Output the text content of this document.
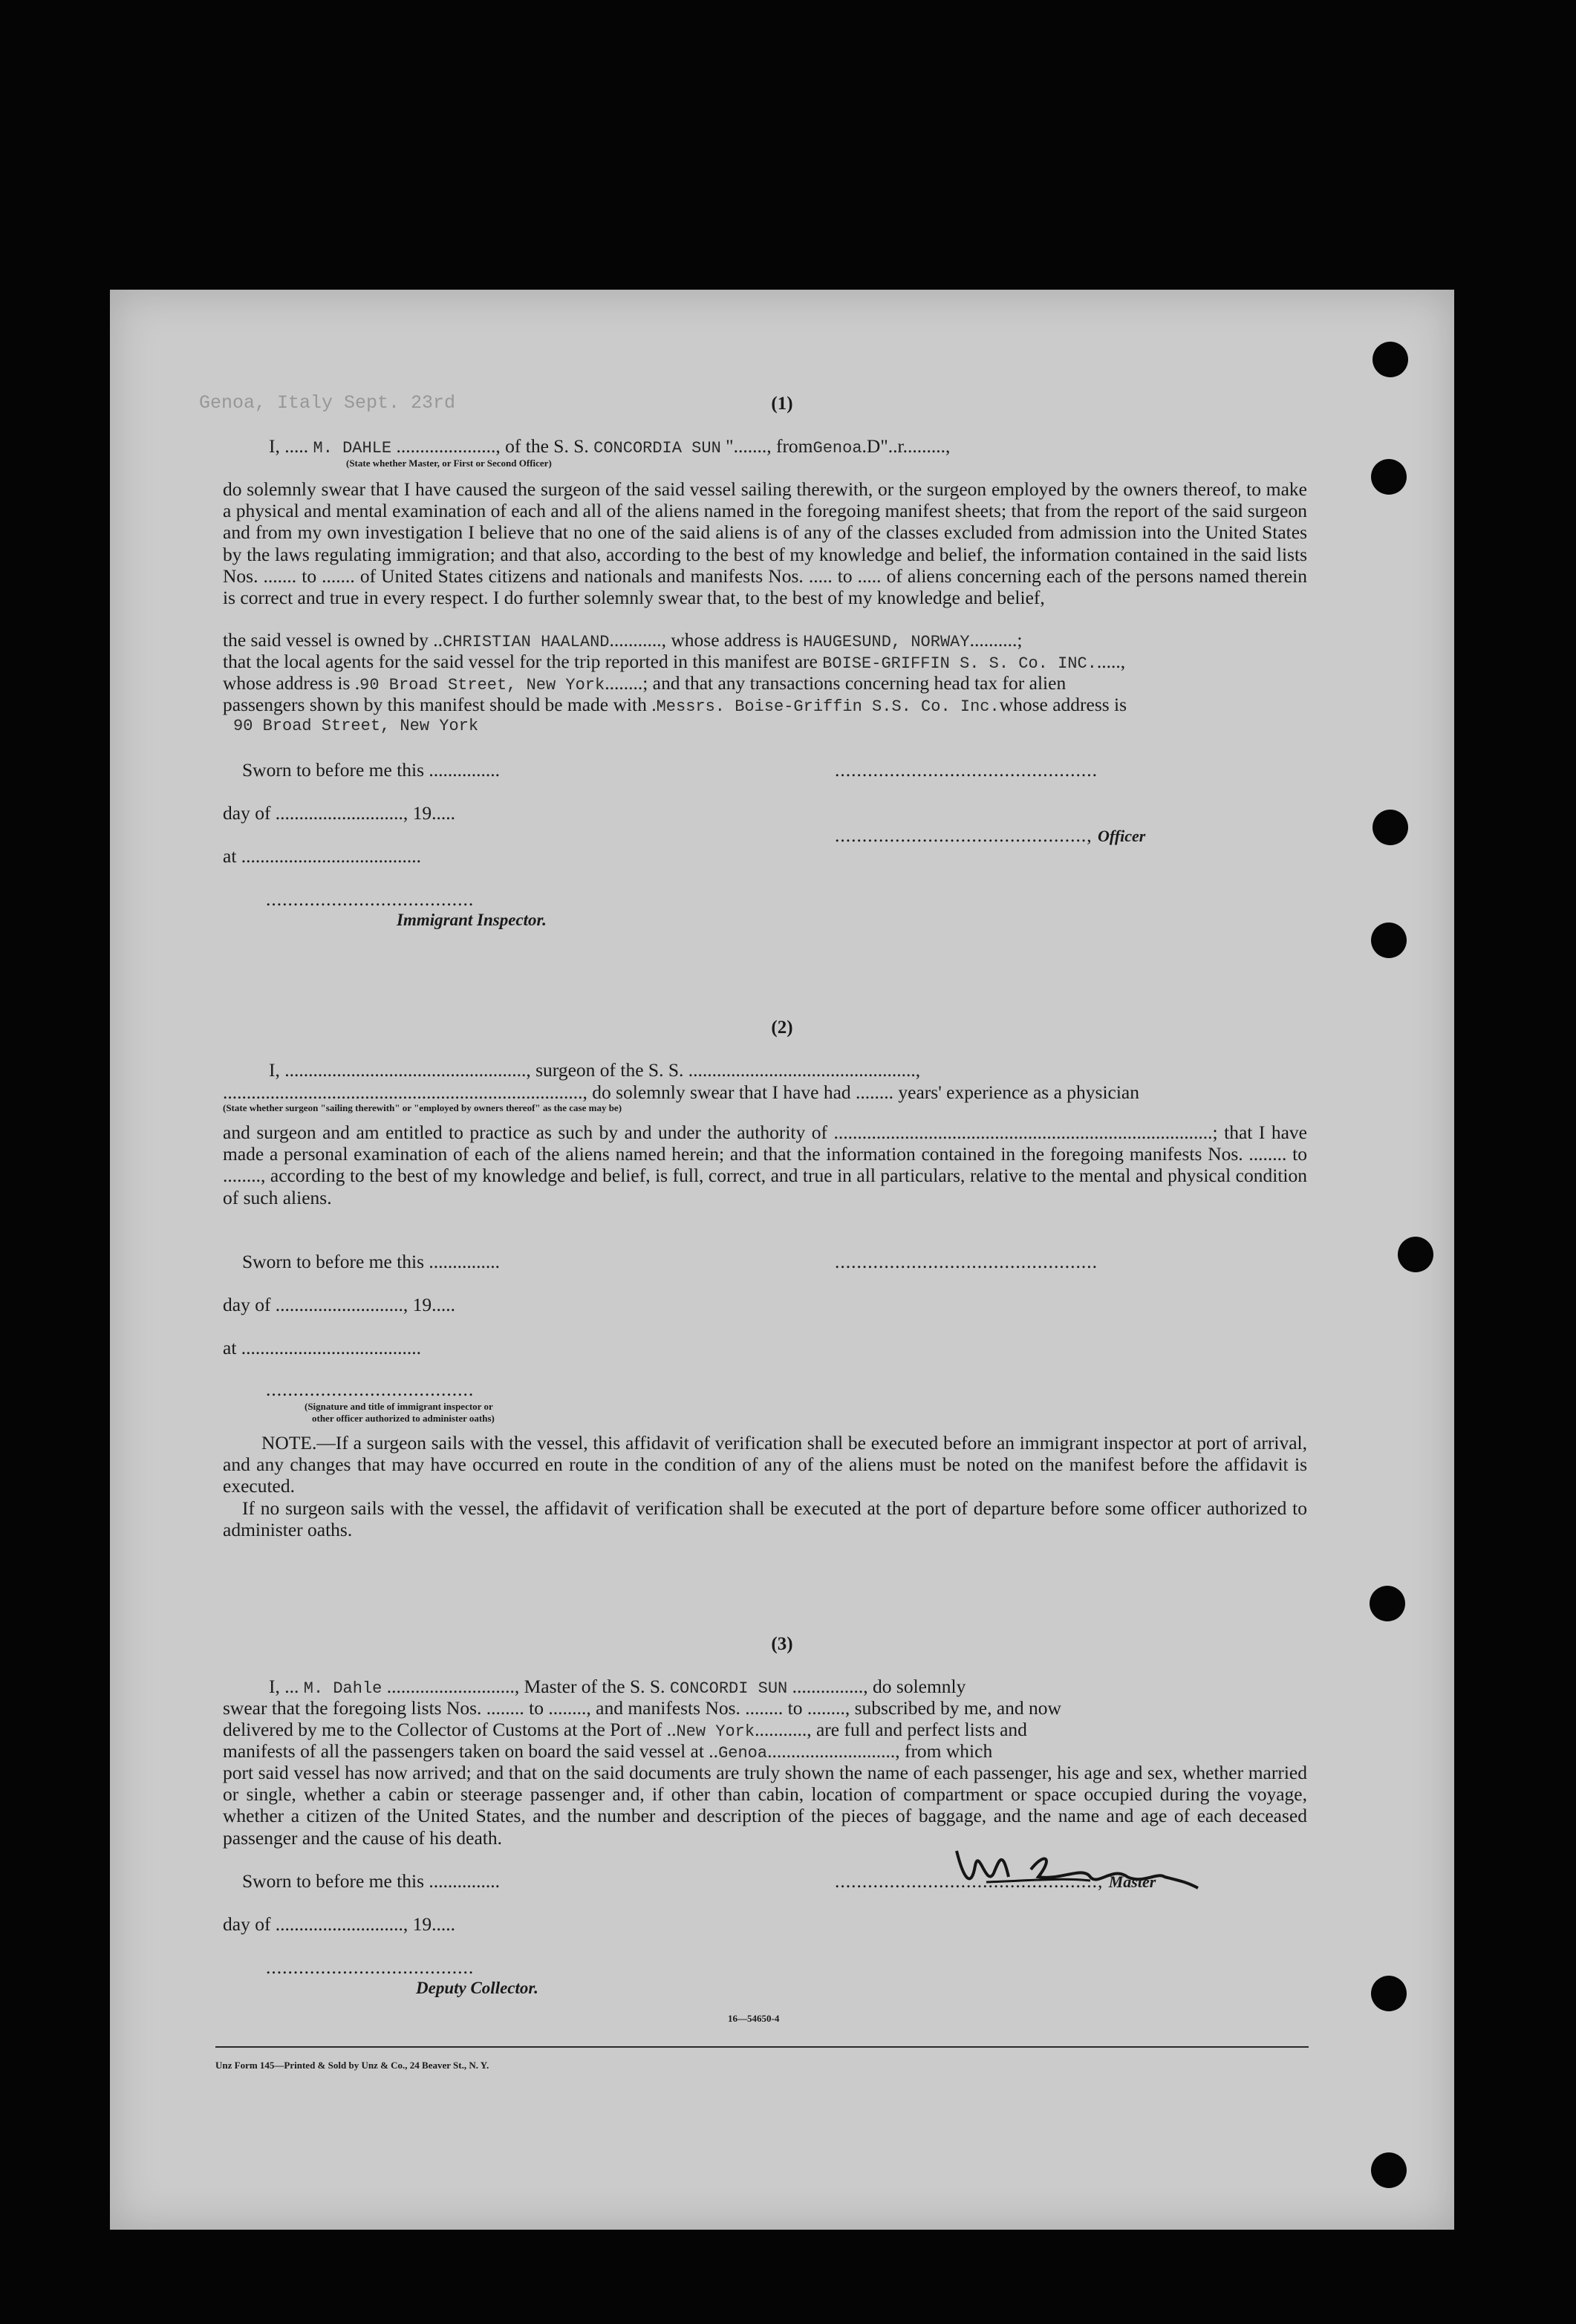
Genoa, Italy Sept. 23rd	(1)
I, ..... M. DAHLE ....................., of the S. S. CONCORDIA SUN "......., fromGenoa.D"..r.........,
(State whether Master, or First or Second Officer)
do solemnly swear that I have caused the surgeon of the said vessel sailing therewith, or the surgeon employed by the owners thereof, to make a physical and mental examination of each and all of the aliens named in the foregoing manifest sheets; that from the report of the said surgeon and from my own investigation I believe that no one of the said aliens is of any of the classes excluded from admission into the United States by the laws regulating immigration; and that also, according to the best of my knowledge and belief, the information contained in the said lists Nos. ....... to ....... of United States citizens and nationals and manifests Nos. ..... to ..... of aliens concerning each of the persons named therein is correct and true in every respect. I do further solemnly swear that, to the best of my knowledge and belief,
the said vessel is owned by ..CHRISTIAN HAALAND..........., whose address is HAUGESUND, NORWAY..........;
that the local agents for the said vessel for the trip reported in this manifest are BOISE-GRIFFIN S. S. Co. INC......,
whose address is .90 Broad Street, New York........; and that any transactions concerning head tax for alien
passengers shown by this manifest should be made with .Messrs. Boise-Griffin S.S. Co. Inc.whose address is
90 Broad Street, New York
Sworn to before me this ...............	................................................
day of ..........................., 19.....
.............................................., Officer
at ......................................
......................................
Immigrant Inspector.
(2)
I, ..................................................., surgeon of the S. S. ................................................,
............................................................................, do solemnly swear that I have had ........ years' experience as a physician
(State whether surgeon "sailing therewith" or "employed by owners thereof" as the case may be)
and surgeon and am entitled to practice as such by and under the authority of ................................................................................; that I have made a personal examination of each of the aliens named herein; and that the information contained in the foregoing manifests Nos. ........ to ........, according to the best of my knowledge and belief, is full, correct, and true in all particulars, relative to the mental and physical condition of such aliens.
Sworn to before me this ...............	................................................
day of ..........................., 19.....
at ......................................
......................................
(Signature and title of immigrant inspector or
other officer authorized to administer oaths)
NOTE.—If a surgeon sails with the vessel, this affidavit of verification shall be executed before an immigrant inspector at port of arrival, and any changes that may have occurred en route in the condition of any of the aliens must be noted on the manifest before the affidavit is executed.
If no surgeon sails with the vessel, the affidavit of verification shall be executed at the port of departure before some officer authorized to administer oaths.
(3)
I, ... M. Dahle ..........................., Master of the S. S. CONCORDI SUN ..............., do solemnly
swear that the foregoing lists Nos. ........ to ........, and manifests Nos. ........ to ........, subscribed by me, and now
delivered by me to the Collector of Customs at the Port of ..New York..........., are full and perfect lists and
manifests of all the passengers taken on board the said vessel at ..Genoa..........................., from which
port said vessel has now arrived; and that on the said documents are truly shown the name of each passenger, his age and sex, whether married or single, whether a cabin or steerage passenger and, if other than cabin, location of compartment or space occupied during the voyage, whether a citizen of the United States, and the number and description of the pieces of baggage, and the name and age of each deceased passenger and the cause of his death.
Sworn to before me this ...............	................................................, Master
day of ..........................., 19.....
......................................
Deputy Collector.
16—54650-4
Unz Form 145—Printed & Sold by Unz & Co., 24 Beaver St., N. Y.
